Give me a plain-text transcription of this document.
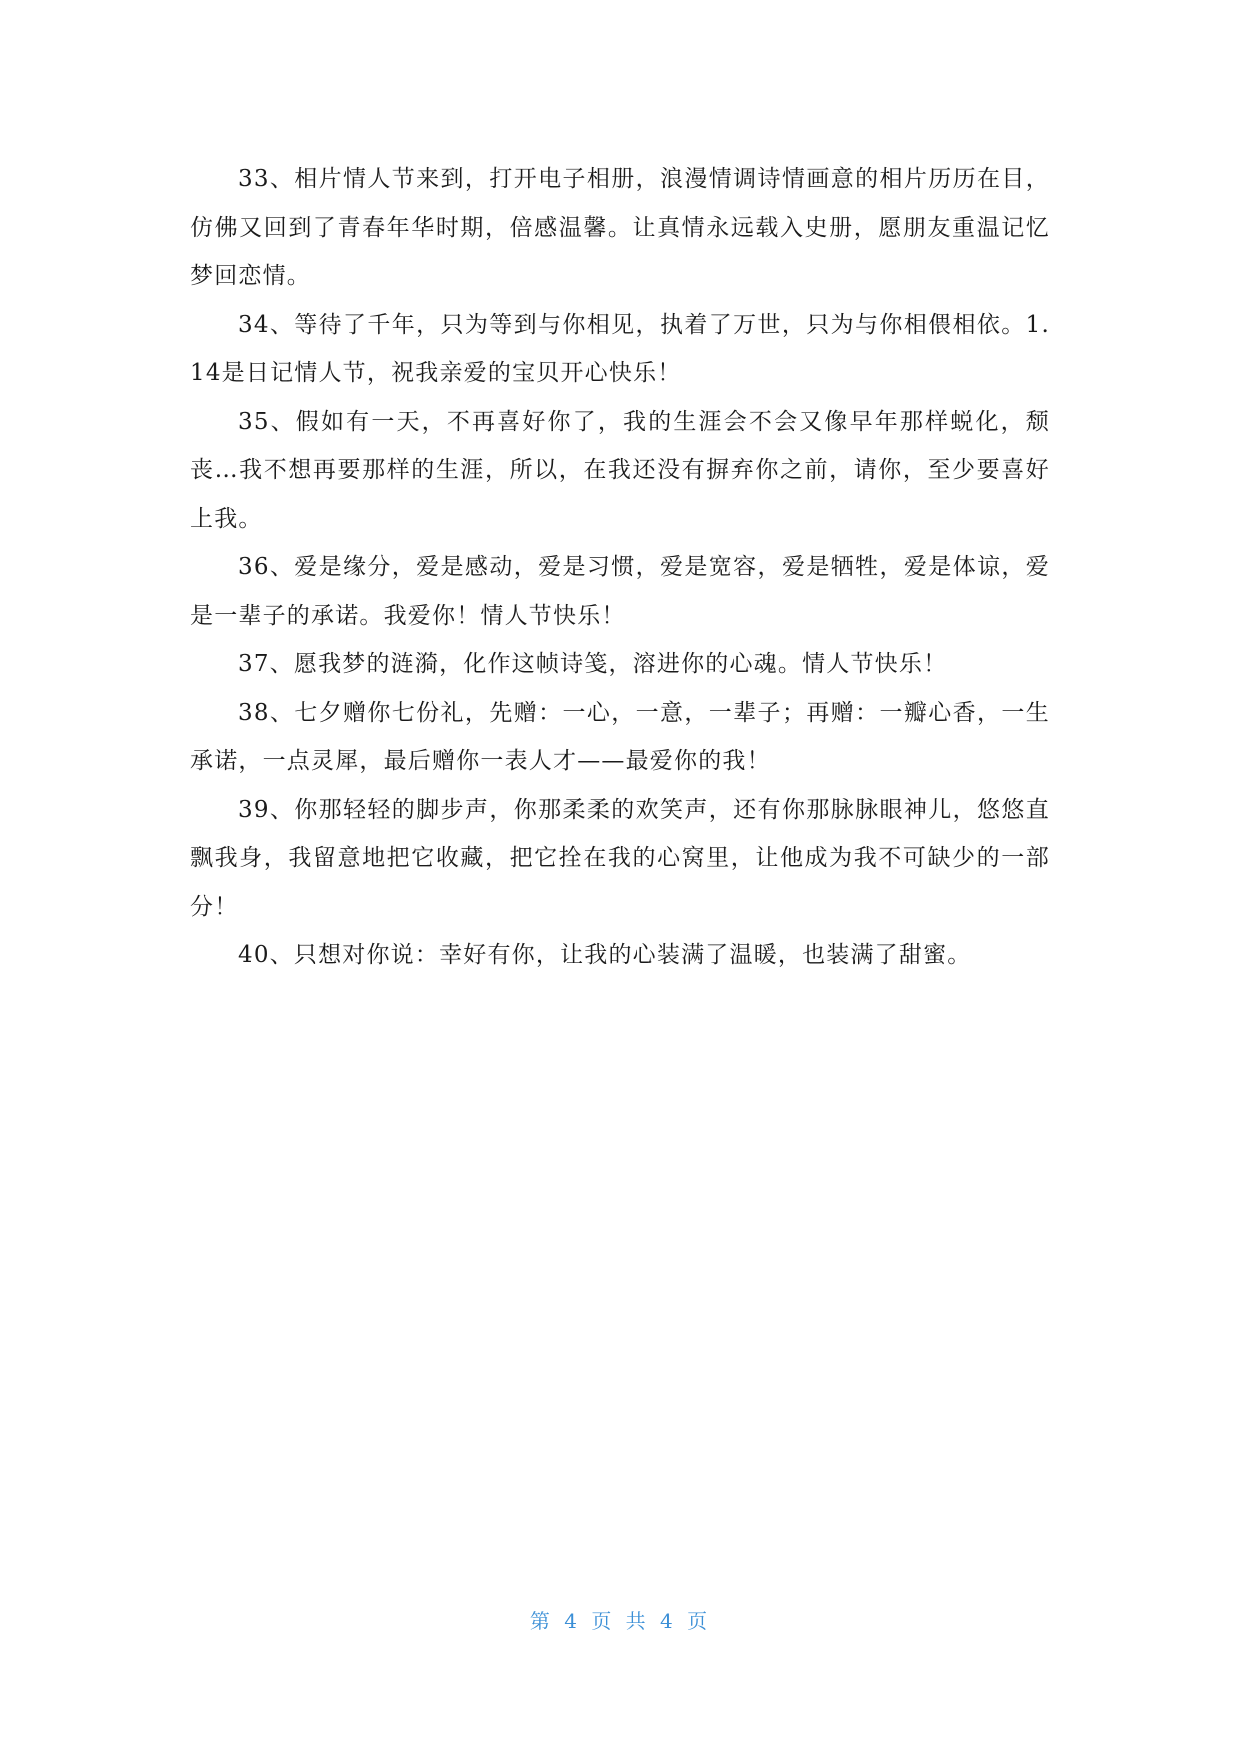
33、相片情人节来到，打开电子相册，浪漫情调诗情画意的相片历历在目，仿佛又回到了青春年华时期，倍感温馨。让真情永远载入史册，愿朋友重温记忆梦回恋情。

34、等待了千年，只为等到与你相见，执着了万世，只为与你相偎相依。1.14是日记情人节，祝我亲爱的宝贝开心快乐！

35、假如有一天，不再喜好你了，我的生涯会不会又像早年那样蜕化，颓丧…我不想再要那样的生涯，所以，在我还没有摒弃你之前，请你，至少要喜好上我。

36、爱是缘分，爱是感动，爱是习惯，爱是宽容，爱是牺牲，爱是体谅，爱是一辈子的承诺。我爱你！情人节快乐！

37、愿我梦的涟漪，化作这帧诗笺，溶进你的心魂。情人节快乐！

38、七夕赠你七份礼，先赠：一心，一意，一辈子；再赠：一瓣心香，一生承诺，一点灵犀，最后赠你一表人才——最爱你的我！

39、你那轻轻的脚步声，你那柔柔的欢笑声，还有你那脉脉眼神儿，悠悠直飘我身，我留意地把它收藏，把它拴在我的心窝里，让他成为我不可缺少的一部分！

40、只想对你说：幸好有你，让我的心装满了温暖，也装满了甜蜜。

第 4 页 共 4 页
